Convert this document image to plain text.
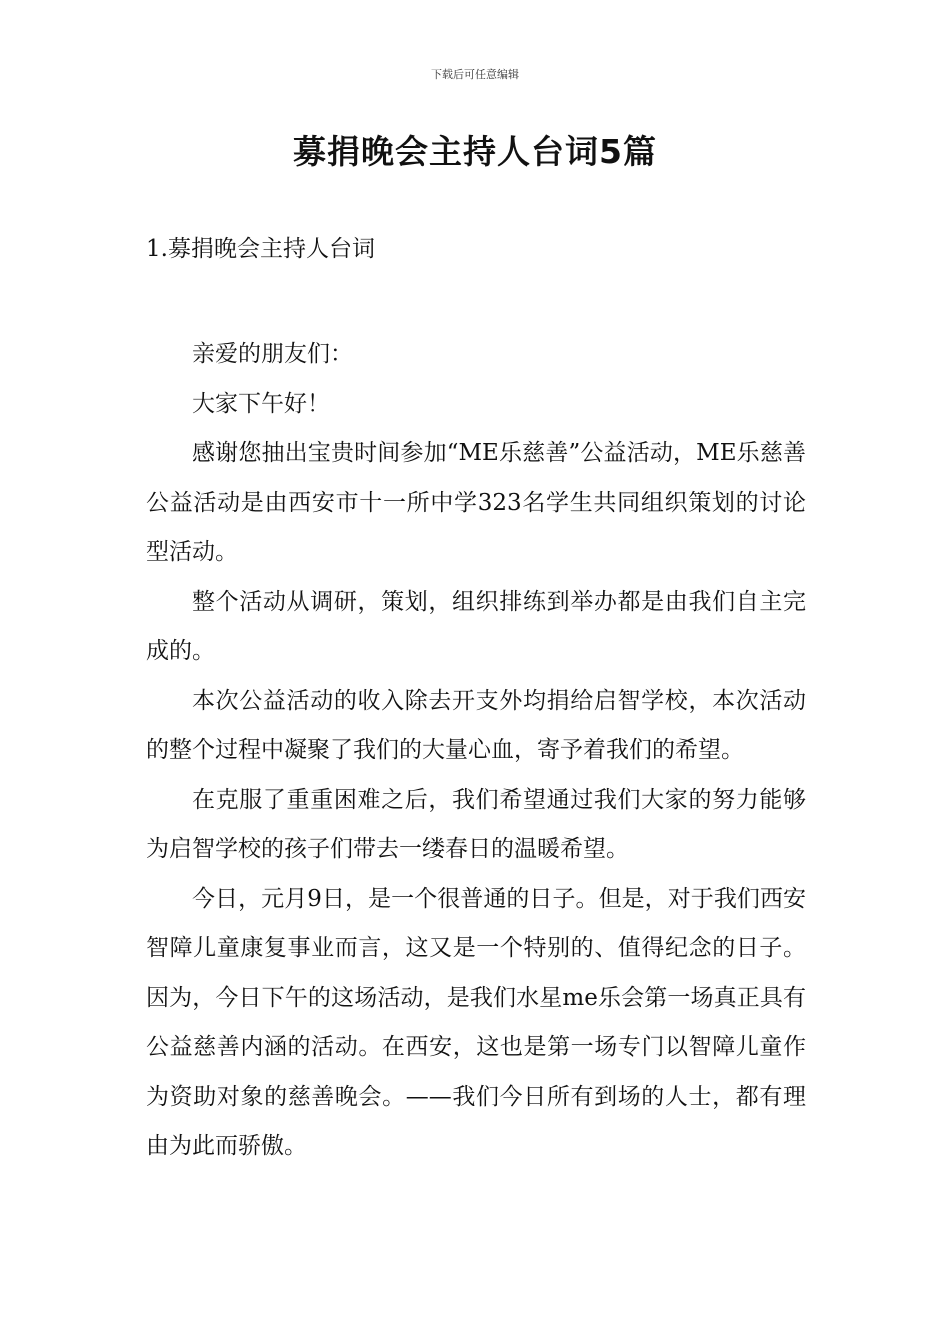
下载后可任意编辑
募捐晚会主持人台词5篇
1.募捐晚会主持人台词

亲爱的朋友们：

大家下午好！

感谢您抽出宝贵时间参加“ME乐慈善”公益活动，ME乐慈善公益活动是由西安市十一所中学323名学生共同组织策划的讨论型活动。

整个活动从调研，策划，组织排练到举办都是由我们自主完成的。

本次公益活动的收入除去开支外均捐给启智学校，本次活动的整个过程中凝聚了我们的大量心血，寄予着我们的希望。

在克服了重重困难之后，我们希望通过我们大家的努力能够为启智学校的孩子们带去一缕春日的温暖希望。

今日，元月9日，是一个很普通的日子。但是，对于我们西安智障儿童康复事业而言，这又是一个特别的、值得纪念的日子。因为，今日下午的这场活动，是我们水星me乐会第一场真正具有公益慈善内涵的活动。在西安，这也是第一场专门以智障儿童作为资助对象的慈善晚会。——我们今日所有到场的人士，都有理由为此而骄傲。
